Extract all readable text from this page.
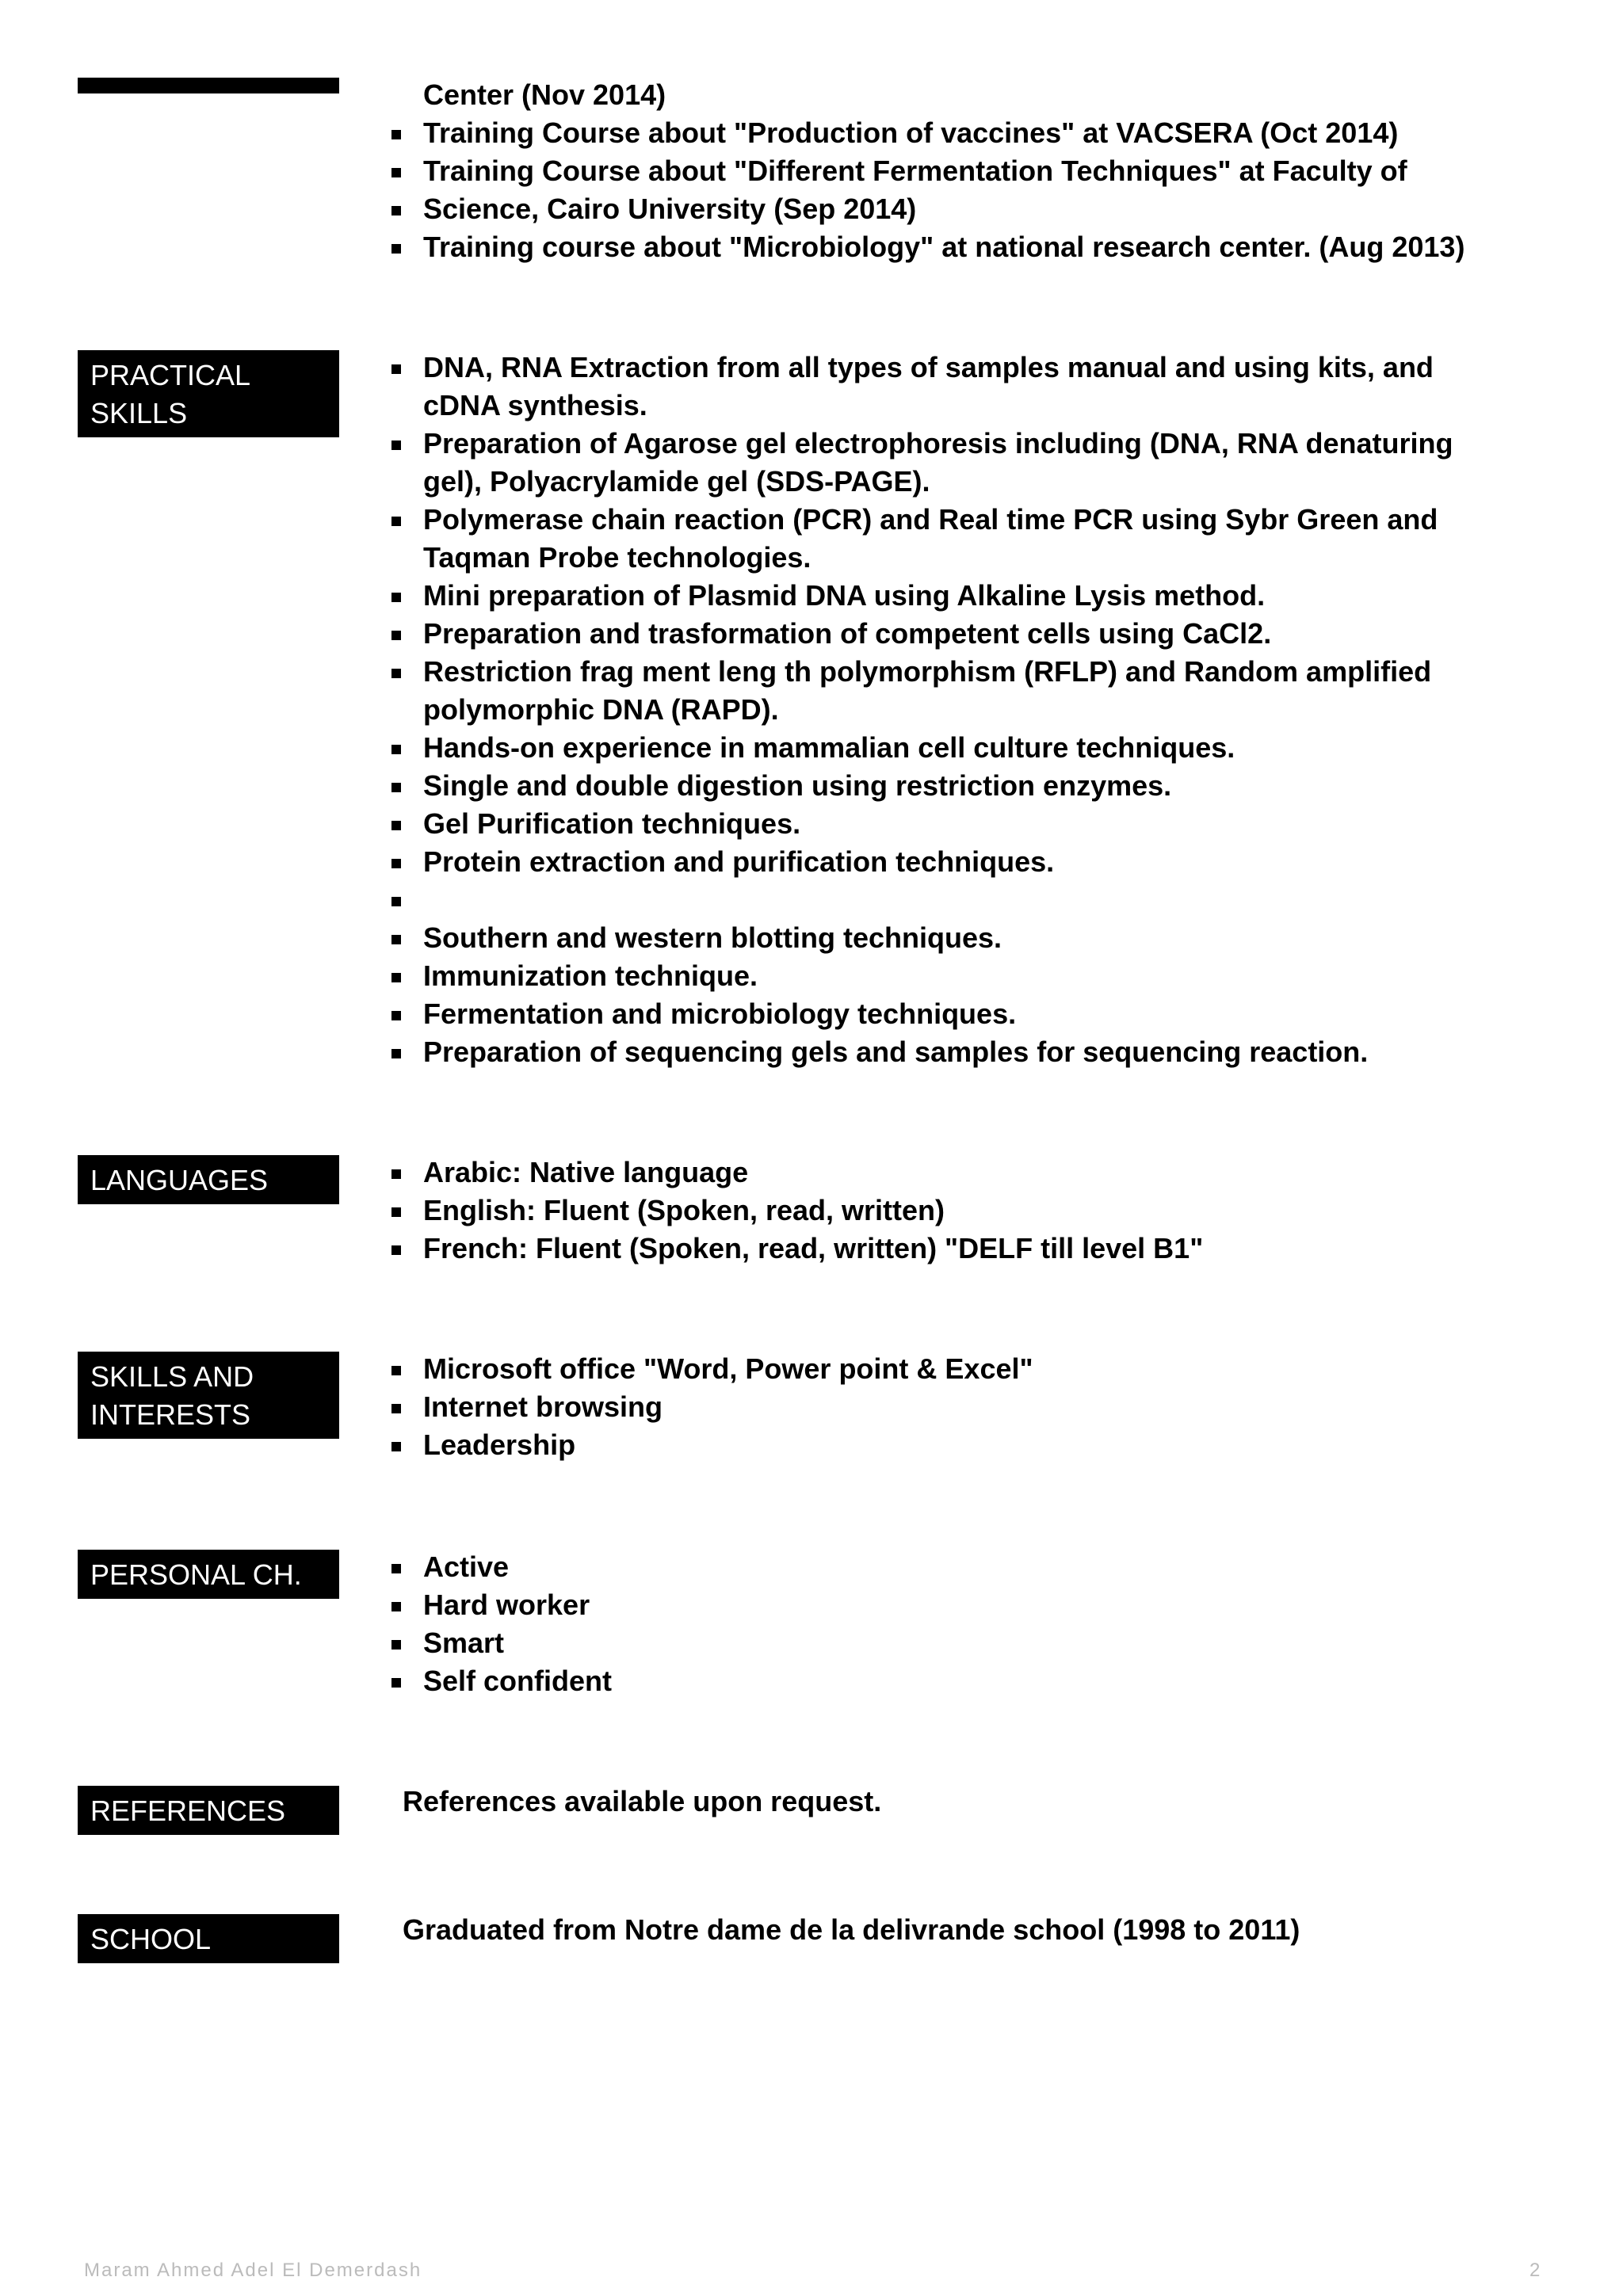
Center (Nov 2014)
Training Course about "Production of vaccines" at VACSERA (Oct 2014)
Training Course about "Different Fermentation Techniques" at Faculty of
Science, Cairo University (Sep 2014)
Training course about "Microbiology" at national research center. (Aug 2013)
PRACTICAL
SKILLS
DNA, RNA Extraction from all types of samples manual and using kits, and
cDNA synthesis.
Preparation of Agarose gel electrophoresis including (DNA, RNA denaturing
gel), Polyacrylamide gel (SDS-PAGE).
Polymerase chain reaction (PCR) and Real time PCR using Sybr Green and
Taqman Probe technologies.
Mini preparation of Plasmid DNA using Alkaline Lysis method.
Preparation and trasformation of competent cells using CaCl2.
Restriction frag ment leng th polymorphism (RFLP) and Random amplified
polymorphic DNA (RAPD).
Hands-on experience in mammalian cell culture techniques.
Single and double digestion using restriction enzymes.
Gel Purification techniques.
Protein extraction and purification techniques.
Southern and western blotting techniques.
Immunization technique.
Fermentation and microbiology techniques.
Preparation of sequencing gels and samples for sequencing reaction.
LANGUAGES	Arabic: Native language
English: Fluent (Spoken, read, written)
French: Fluent (Spoken, read, written) "DELF till level B1"
SKILLS AND
INTERESTS
Microsoft office "Word, Power point & Excel"
Internet browsing
Leadership
PERSONAL CH.	Active
Hard worker
Smart
Self confident
REFERENCES	References available upon request.
SCHOOL	Graduated from Notre dame de la delivrande school (1998 to 2011)
Maram Ahmed Adel El Demerdash	2
